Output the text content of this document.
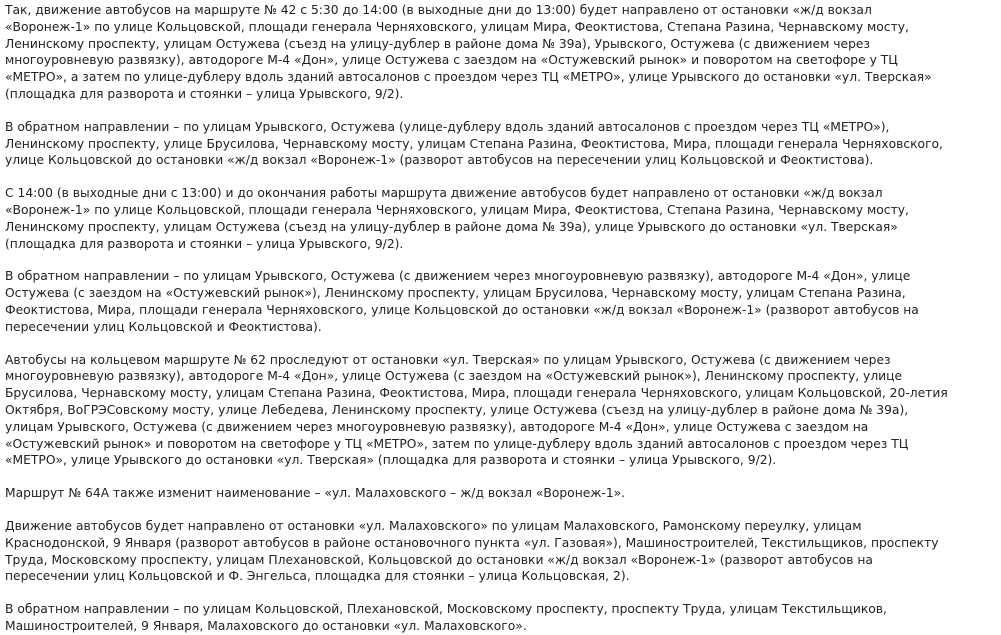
Так, движение автобусов на маршруте № 42 с 5:30 до 14:00 (в выходные дни до 13:00) будет направлено от остановки «ж/д вокзал
«Воронеж-1» по улице Кольцовской, площади генерала Черняховского, улицам Мира, Феоктистова, Степана Разина, Чернавскому мосту,
Ленинскому проспекту, улицам Остужева (съезд на улицу-дублер в районе дома № 39а), Урывского, Остужева (с движением через
многоуровневую развязку), автодороге М-4 «Дон», улице Остужева с заездом на «Остужевский рынок» и поворотом на светофоре у ТЦ
«МЕТРО», а затем по улице-дублеру вдоль зданий автосалонов с проездом через ТЦ «МЕТРО», улице Урывского до остановки «ул. Тверская»
(площадка для разворота и стоянки – улица Урывского, 9/2).

В обратном направлении – по улицам Урывского, Остужева (улице-дублеру вдоль зданий автосалонов с проездом через ТЦ «МЕТРО»),
Ленинскому проспекту, улице Брусилова, Чернавскому мосту, улицам Степана Разина, Феоктистова, Мира, площади генерала Черняховского,
улице Кольцовской до остановки «ж/д вокзал «Воронеж-1» (разворот автобусов на пересечении улиц Кольцовской и Феоктистова).

С 14:00 (в выходные дни с 13:00) и до окончания работы маршрута движение автобусов будет направлено от остановки «ж/д вокзал
«Воронеж-1» по улице Кольцовской, площади генерала Черняховского, улицам Мира, Феоктистова, Степана Разина, Чернавскому мосту,
Ленинскому проспекту, улицам Остужева (съезд на улицу-дублер в районе дома № 39а), улице Урывского до остановки «ул. Тверская»
(площадка для разворота и стоянки – улица Урывского, 9/2).

В обратном направлении – по улицам Урывского, Остужева (с движением через многоуровневую развязку), автодороге М-4 «Дон», улице
Остужева (с заездом на «Остужевский рынок»), Ленинскому проспекту, улицам Брусилова, Чернавскому мосту, улицам Степана Разина,
Феоктистова, Мира, площади генерала Черняховского, улице Кольцовской до остановки «ж/д вокзал «Воронеж-1» (разворот автобусов на
пересечении улиц Кольцовской и Феоктистова).

Автобусы на кольцевом маршруте № 62 проследуют от остановки «ул. Тверская» по улицам Урывского, Остужева (с движением через
многоуровневую развязку), автодороге М-4 «Дон», улице Остужева (с заездом на «Остужевский рынок»), Ленинскому проспекту, улице
Брусилова, Чернавскому мосту, улицам Степана Разина, Феоктистова, Мира, площади генерала Черняховского, улицам Кольцовской, 20-летия
Октября, ВоГРЭСовскому мосту, улице Лебедева, Ленинскому проспекту, улице Остужева (съезд на улицу-дублер в районе дома № 39а),
улицам Урывского, Остужева (с движением через многоуровневую развязку), автодороге М-4 «Дон», улице Остужева с заездом на
«Остужевский рынок» и поворотом на светофоре у ТЦ «МЕТРО», затем по улице-дублеру вдоль зданий автосалонов с проездом через ТЦ
«МЕТРО», улице Урывского до остановки «ул. Тверская» (площадка для разворота и стоянки – улица Урывского, 9/2).

Маршрут № 64А также изменит наименование – «ул. Малаховского – ж/д вокзал «Воронеж-1».

Движение автобусов будет направлено от остановки «ул. Малаховского» по улицам Малаховского, Рамонскому переулку, улицам
Краснодонской, 9 Января (разворот автобусов в районе остановочного пункта «ул. Газовая»), Машиностроителей, Текстильщиков, проспекту
Труда, Московскому проспекту, улицам Плехановской, Кольцовской до остановки «ж/д вокзал «Воронеж-1» (разворот автобусов на
пересечении улиц Кольцовской и Ф. Энгельса, площадка для стоянки – улица Кольцовская, 2).

В обратном направлении – по улицам Кольцовской, Плехановской, Московскому проспекту, проспекту Труда, улицам Текстильщиков,
Машиностроителей, 9 Января, Малаховского до остановки «ул. Малаховского».
